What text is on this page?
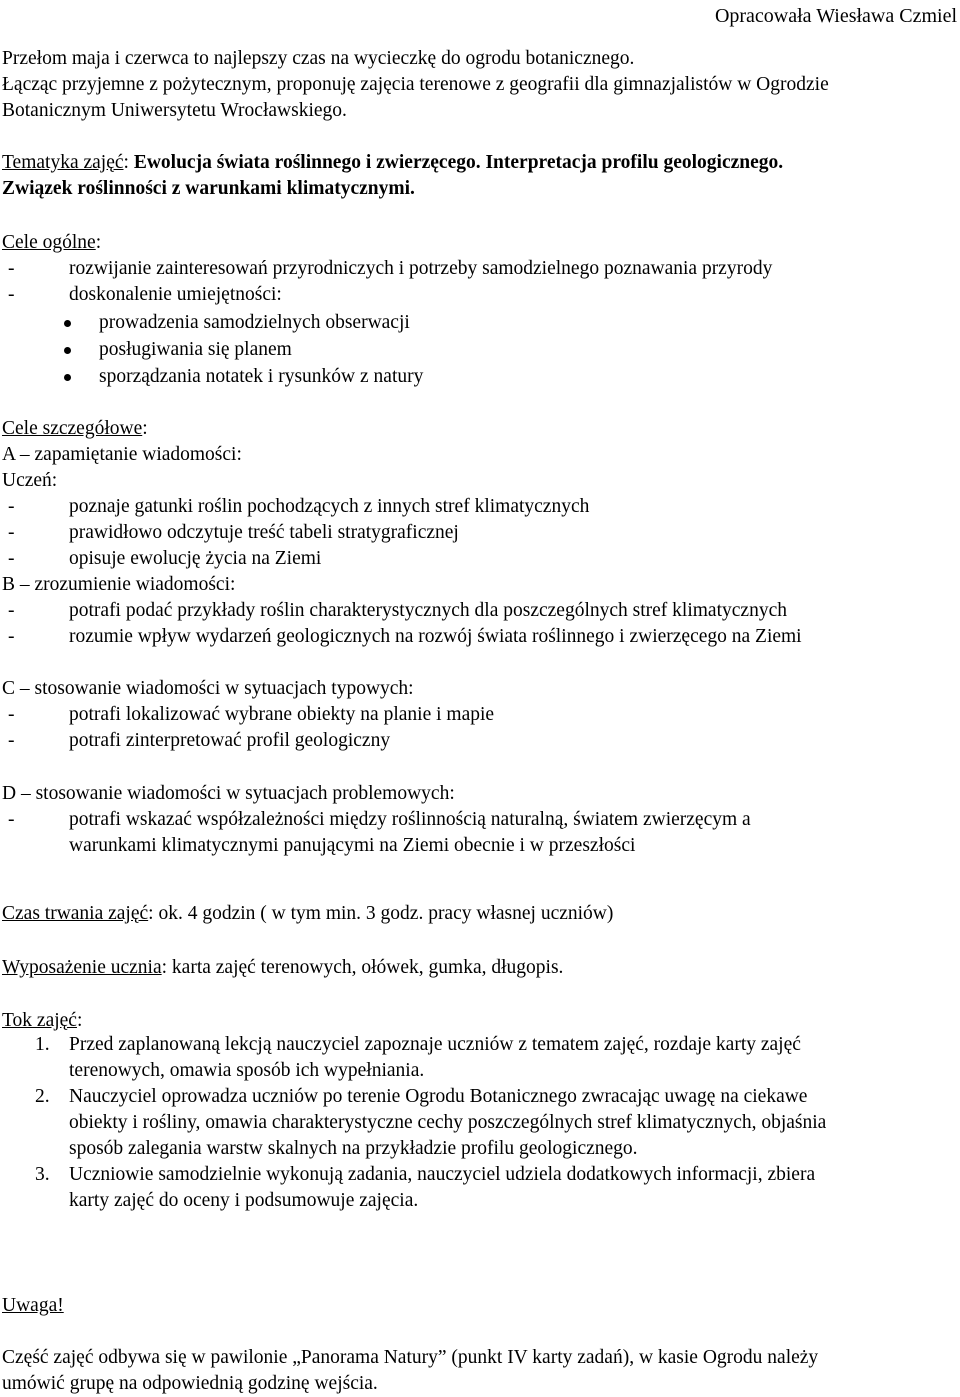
Opracowała Wiesława Czmiel
Przełom maja i czerwca to najlepszy czas na wycieczkę do ogrodu botanicznego.
Łącząc przyjemne z pożytecznym, proponuję zajęcia terenowe z geografii dla gimnazjalistów w Ogrodzie
Botanicznym Uniwersytetu Wrocławskiego.
Tematyka zajęć: Ewolucja świata roślinnego i zwierzęcego. Interpretacja profilu geologicznego.
Związek roślinności z warunkami klimatycznymi.
Cele ogólne:
-	rozwijanie zainteresowań przyrodniczych i potrzeby samodzielnego poznawania przyrody
-	doskonalenie umiejętności:
prowadzenia samodzielnych obserwacji
posługiwania się planem
sporządzania notatek i rysunków z natury
Cele szczegółowe:
A – zapamiętanie wiadomości:
Uczeń:
-	poznaje gatunki roślin pochodzących z innych stref klimatycznych
-	prawidłowo odczytuje treść tabeli stratygraficznej
-	opisuje ewolucję życia na Ziemi
B – zrozumienie wiadomości:
-	potrafi podać przykłady roślin charakterystycznych dla poszczególnych stref klimatycznych
-	rozumie wpływ wydarzeń geologicznych na rozwój świata roślinnego i zwierzęcego na Ziemi
C – stosowanie wiadomości w sytuacjach typowych:
-	potrafi lokalizować wybrane obiekty na planie i mapie
-	potrafi zinterpretować profil geologiczny
D – stosowanie wiadomości w sytuacjach problemowych:
-	potrafi wskazać współzależności między roślinnością naturalną, światem zwierzęcym a
warunkami klimatycznymi panującymi na Ziemi obecnie i w przeszłości
Czas trwania zajęć: ok. 4 godzin ( w tym min. 3 godz. pracy własnej uczniów)
Wyposażenie ucznia: karta zajęć terenowych, ołówek, gumka, długopis.
Tok zajęć:
1. Przed zaplanowaną lekcją nauczyciel zapoznaje uczniów z tematem zajęć, rozdaje karty zajęć
terenowych, omawia sposób ich wypełniania.
2. Nauczyciel oprowadza uczniów po terenie Ogrodu Botanicznego zwracając uwagę na ciekawe
obiekty i rośliny, omawia charakterystyczne cechy poszczególnych stref klimatycznych, objaśnia
sposób zalegania warstw skalnych na przykładzie profilu geologicznego.
3. Uczniowie samodzielnie wykonują zadania, nauczyciel udziela dodatkowych informacji, zbiera
karty zajęć do oceny i podsumowuje zajęcia.
Uwaga!
Część zajęć odbywa się w pawilonie „Panorama Natury” (punkt IV karty zadań), w kasie Ogrodu należy
umówić grupę na odpowiednią godzinę wejścia.
